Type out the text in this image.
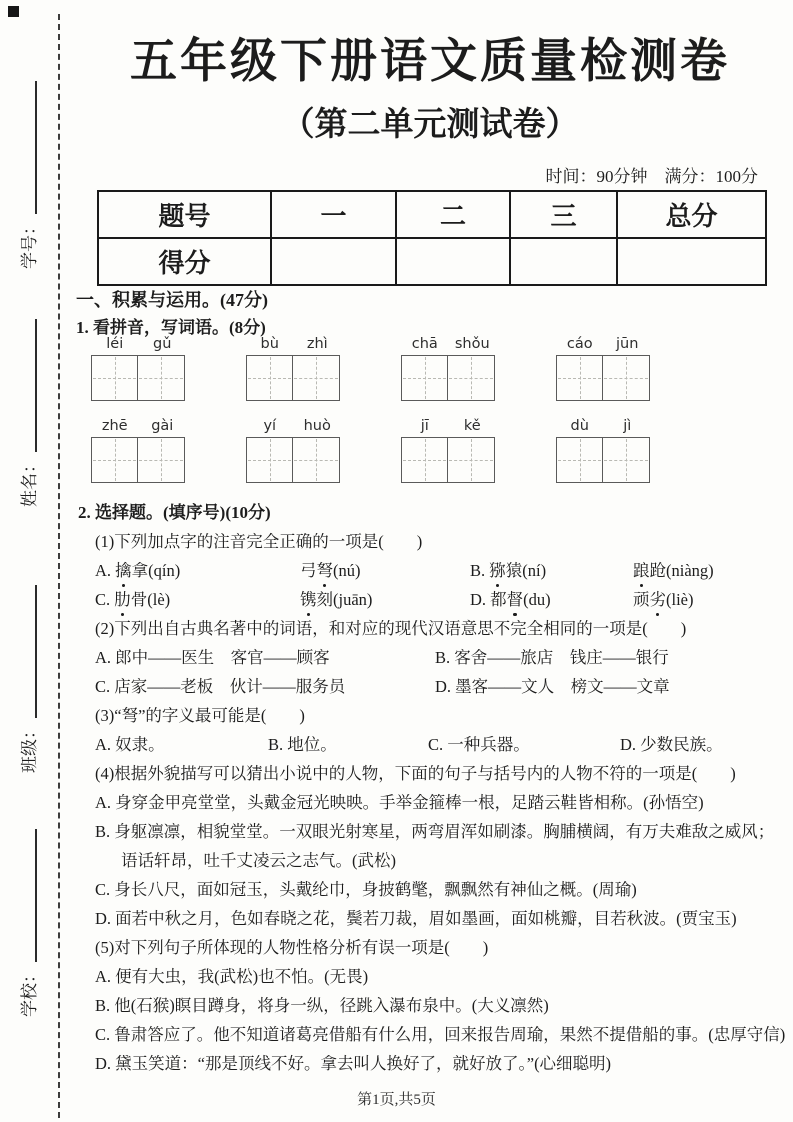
学号：
姓名：
班级：
学校：
五年级下册语文质量检测卷
（第二单元测试卷）
时间：90分钟　满分：100分
题号	一	二	三	总分
得分				
一、积累与运用。(47分)
1. 看拼音，写词语。(8分)
léi	gǔ	bù	zhì	chā	shǒu	cáo	jūn
zhē	gài	yí	huò	jī	kě	dù	jì
2. 选择题。(填序号)(10分)

(1)下列加点字的注音完全正确的一项是(　　)

A. 擒拿(qín)	弓弩(nú)	B. 猕猿(ní)	踉跄(niàng)
C. 肋骨(lè)	镌刻(juān)	D. 都督(du)	顽劣(liè)

(2)下列出自古典名著中的词语，和对应的现代汉语意思不完全相同的一项是(　　)

A. 郎中——医生　客官——顾客	B. 客舍——旅店　钱庄——银行
C. 店家——老板　伙计——服务员	D. 墨客——文人　榜文——文章

(3)“弩”的字义最可能是(　　)

A. 奴隶。	B. 地位。	C. 一种兵器。	D. 少数民族。

(4)根据外貌描写可以猜出小说中的人物，下面的句子与括号内的人物不符的一项是(　　)

A. 身穿金甲亮堂堂，头戴金冠光映映。手举金箍棒一根，足踏云鞋皆相称。(孙悟空)

B. 身躯凛凛，相貌堂堂。一双眼光射寒星，两弯眉浑如刷漆。胸脯横阔，有万夫难敌之威风；语话轩昂，吐千丈凌云之志气。(武松)

C. 身长八尺，面如冠玉，头戴纶巾，身披鹤氅，飘飘然有神仙之概。(周瑜)

D. 面若中秋之月，色如春晓之花，鬓若刀裁，眉如墨画，面如桃瓣，目若秋波。(贾宝玉)

(5)对下列句子所体现的人物性格分析有误一项是(　　)

A. 便有大虫，我(武松)也不怕。(无畏)

B. 他(石猴)瞑目蹲身，将身一纵，径跳入瀑布泉中。(大义凛然)

C. 鲁肃答应了。他不知道诸葛亮借船有什么用，回来报告周瑜，果然不提借船的事。(忠厚守信)

D. 黛玉笑道：“那是顶线不好。拿去叫人换好了，就好放了。”(心细聪明)

第1页,共5页
